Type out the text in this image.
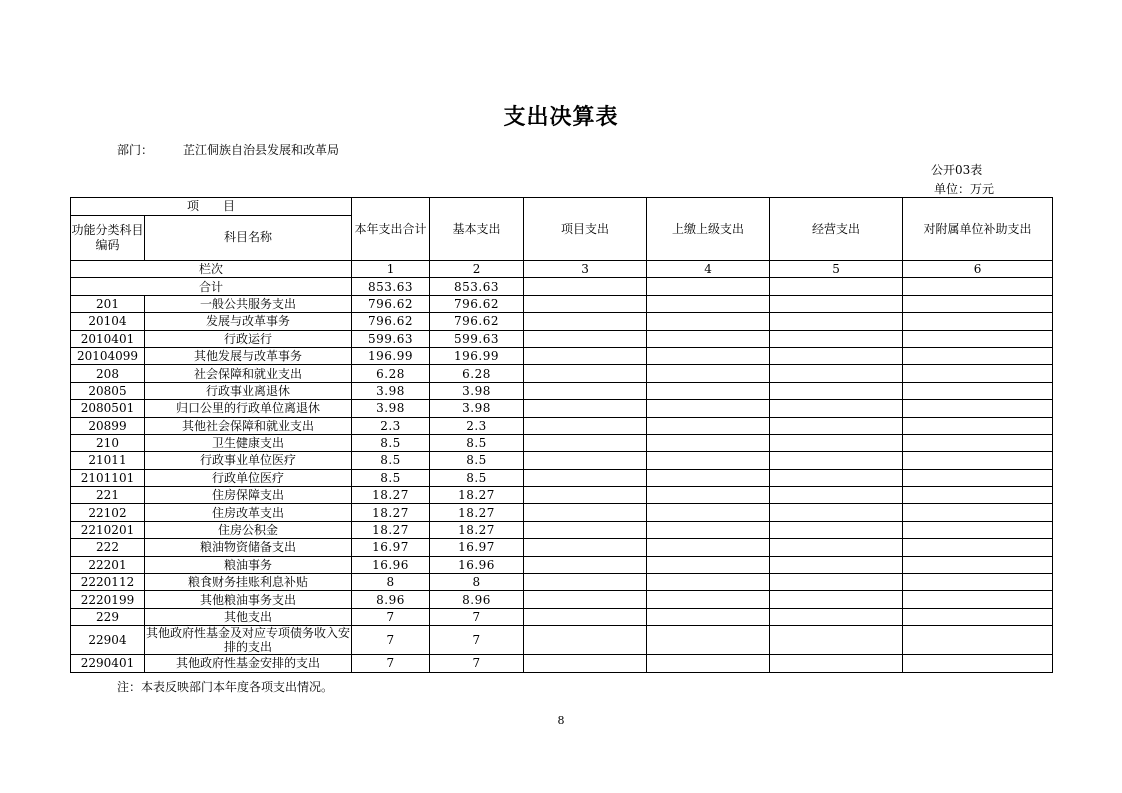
支出决算表
部门： 芷江侗族自治县发展和改革局
公开03表
单位：万元
项　　目		本年支出合计	基本支出	项目支出	上缴上级支出	经营支出	对附属单位补助支出
功能分类科目编码	科目名称						
栏次		1	2	3	4	5	6
合计		853.63	853.63				
201	一般公共服务支出	796.62	796.62				
20104	发展与改革事务	796.62	796.62				
2010401	行政运行	599.63	599.63				
20104099	其他发展与改革事务	196.99	196.99				
208	社会保障和就业支出	6.28	6.28				
20805	行政事业离退休	3.98	3.98				
2080501	归口公里的行政单位离退休	3.98	3.98				
20899	其他社会保障和就业支出	2.3	2.3				
210	卫生健康支出	8.5	8.5				
21011	行政事业单位医疗	8.5	8.5				
2101101	行政单位医疗	8.5	8.5				
221	住房保障支出	18.27	18.27				
22102	住房改革支出	18.27	18.27				
2210201	住房公积金	18.27	18.27				
222	粮油物资储备支出	16.97	16.97				
22201	粮油事务	16.96	16.96				
2220112	粮食财务挂账利息补贴	8	8				
2220199	其他粮油事务支出	8.96	8.96				
229	其他支出	7	7				
22904	其他政府性基金及对应专项债务收入安排的支出	7	7				
2290401	其他政府性基金安排的支出	7	7				
注：本表反映部门本年度各项支出情况。
8
